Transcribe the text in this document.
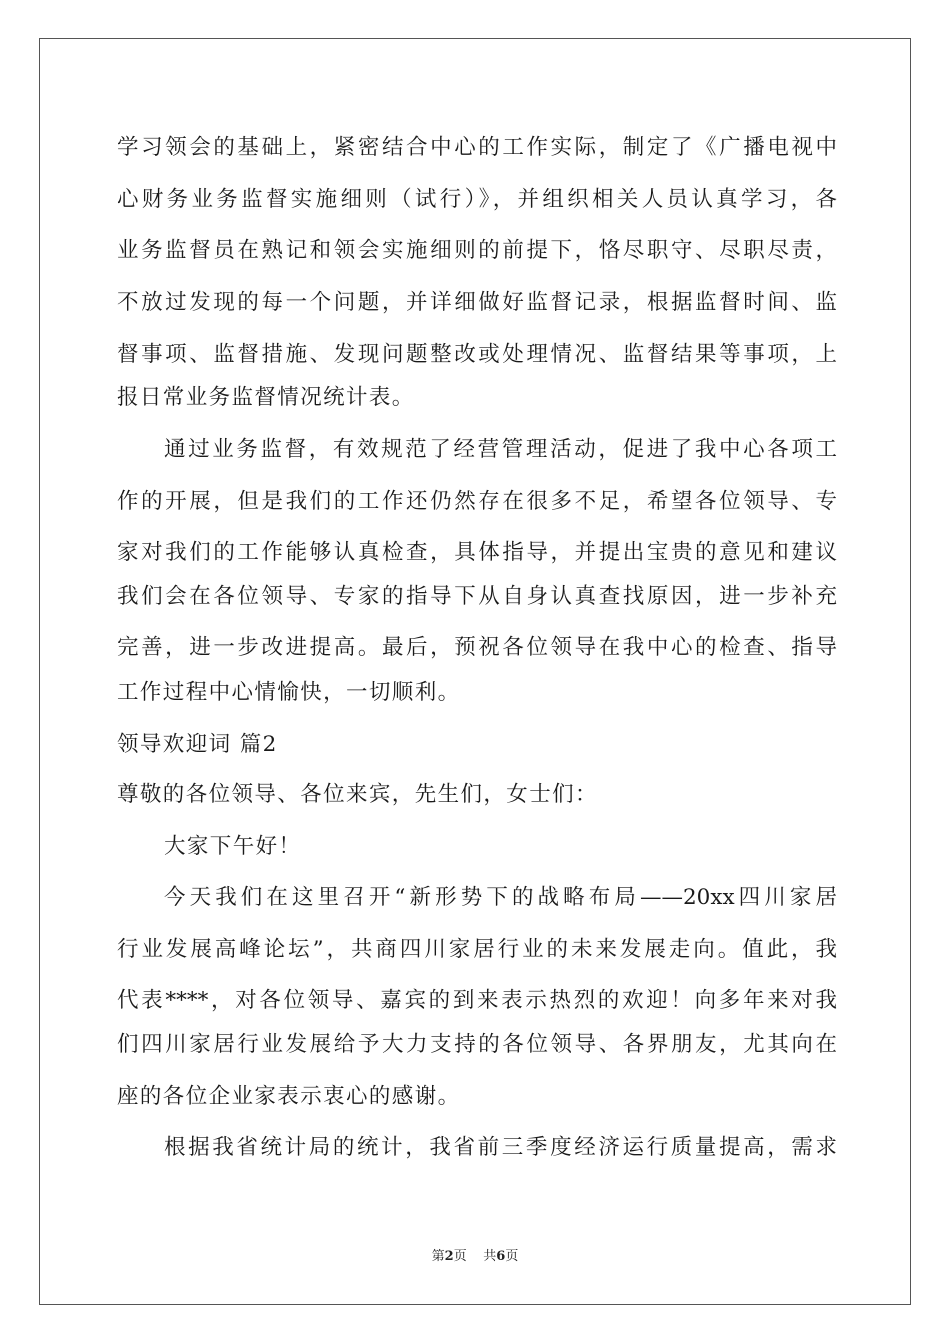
学习领会的基础上，紧密结合中心的工作实际，制定了《广播电视中
心财务业务监督实施细则（试行）》，并组织相关人员认真学习，各
业务监督员在熟记和领会实施细则的前提下，恪尽职守、尽职尽责，
不放过发现的每一个问题，并详细做好监督记录，根据监督时间、监
督事项、监督措施、发现问题整改或处理情况、监督结果等事项，上
报日常业务监督情况统计表。
通过业务监督，有效规范了经营管理活动，促进了我中心各项工
作的开展，但是我们的工作还仍然存在很多不足，希望各位领导、专
家对我们的工作能够认真检查，具体指导，并提出宝贵的意见和建议
我们会在各位领导、专家的指导下从自身认真查找原因，进一步补充
完善，进一步改进提高。最后，预祝各位领导在我中心的检查、指导
工作过程中心情愉快，一切顺利。
领导欢迎词 篇2
尊敬的各位领导、各位来宾，先生们，女士们：
大家下午好！
今天我们在这里召开“新形势下的战略布局——20xx四川家居
行业发展高峰论坛”，共商四川家居行业的未来发展走向。值此，我
代表****，对各位领导、嘉宾的到来表示热烈的欢迎！向多年来对我
们四川家居行业发展给予大力支持的各位领导、各界朋友，尤其向在
座的各位企业家表示衷心的感谢。
根据我省统计局的统计，我省前三季度经济运行质量提高，需求
第2页 共6页
